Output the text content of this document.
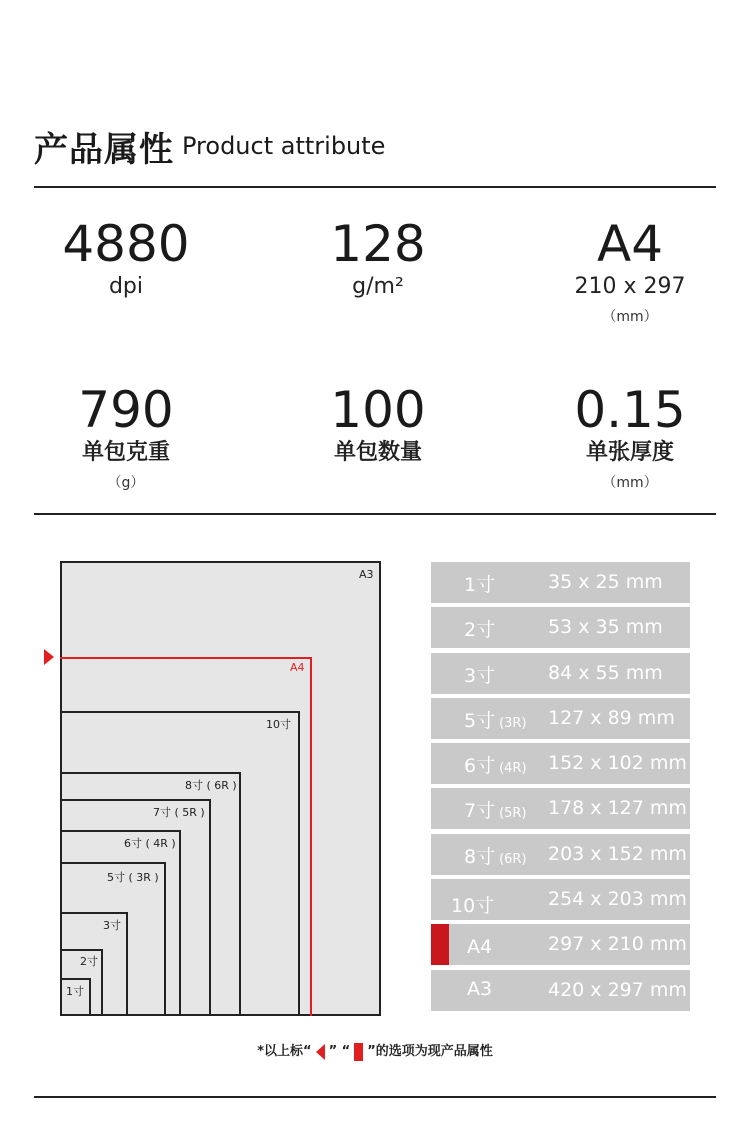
产品属性 Product attribute
4880
dpi
128
g/m²
A4
210 x 297
（mm）
790
单包克重
（g）
100
单包数量
0.15
单张厚度
（mm）
A3
A4
10寸
8寸 ( 6R )
7寸 ( 5R )
6寸 ( 4R )
5寸 ( 3R )
3寸
2寸
1寸
1寸	35 x 25 mm
2寸	53 x 35 mm
3寸	84 x 55 mm
5寸 (3R) 127 x 89 mm
6寸 (4R) 152 x 102 mm
7寸 (5R) 178 x 127 mm
8寸 (6R) 203 x 152 mm
10寸	254 x 203 mm
A4	297 x 210 mm
A3	420 x 297 mm
*以上标“ ” “ ”的选项为现产品属性
